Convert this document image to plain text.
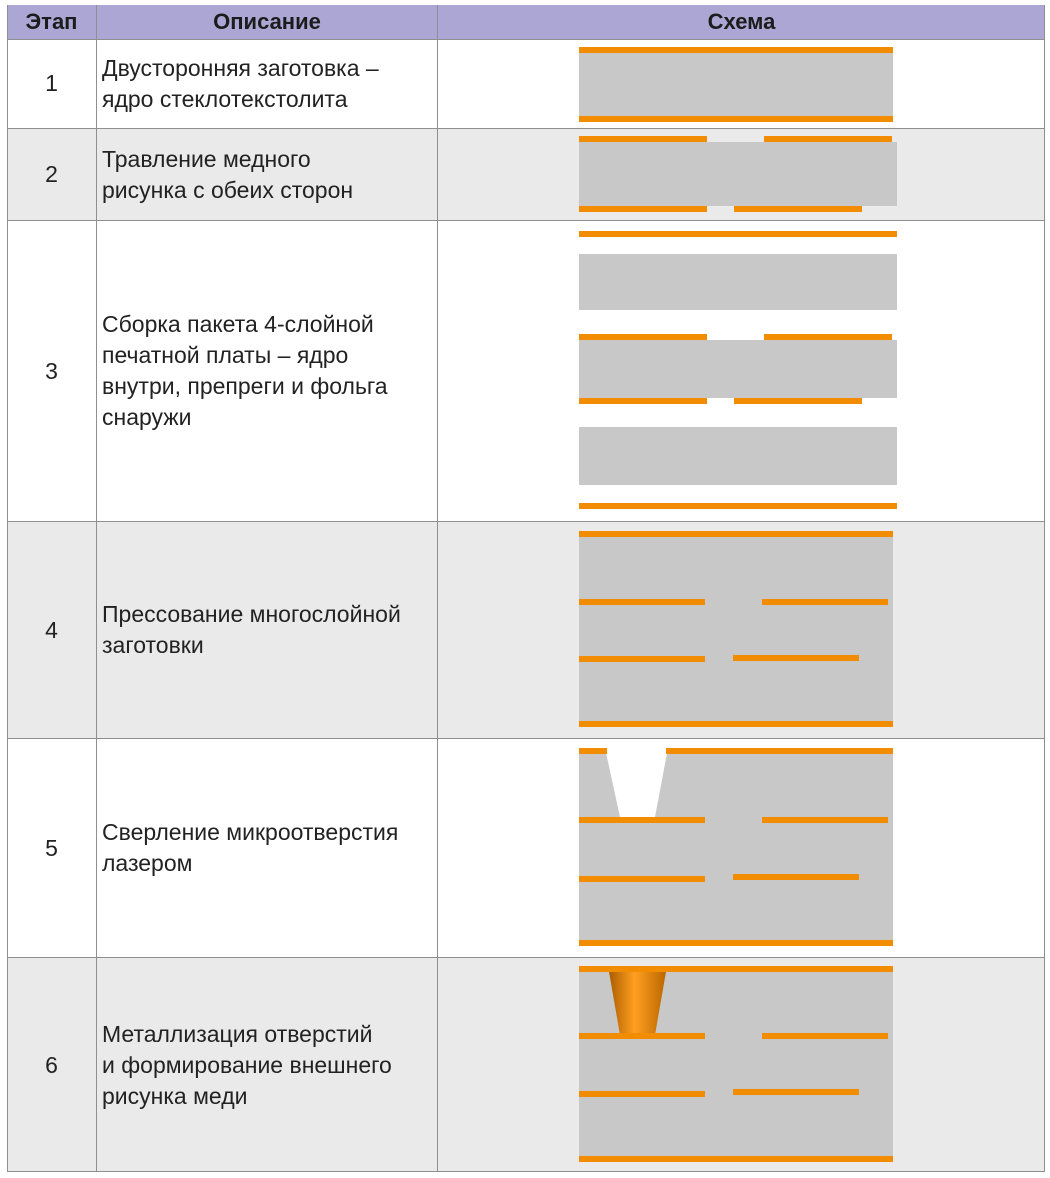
Этап	Описание	Схема
1
Двусторонняя заготовка –
ядро стеклотекстолита
2
Травление медного
рисунка с обеих сторон
3
Сборка пакета 4-слойной
печатной платы – ядро
внутри, препреги и фольга
снаружи
4
Прессование многослойной
заготовки
5
Сверление микроотверстия
лазером
6
Металлизация отверстий
и формирование внешнего
рисунка меди
